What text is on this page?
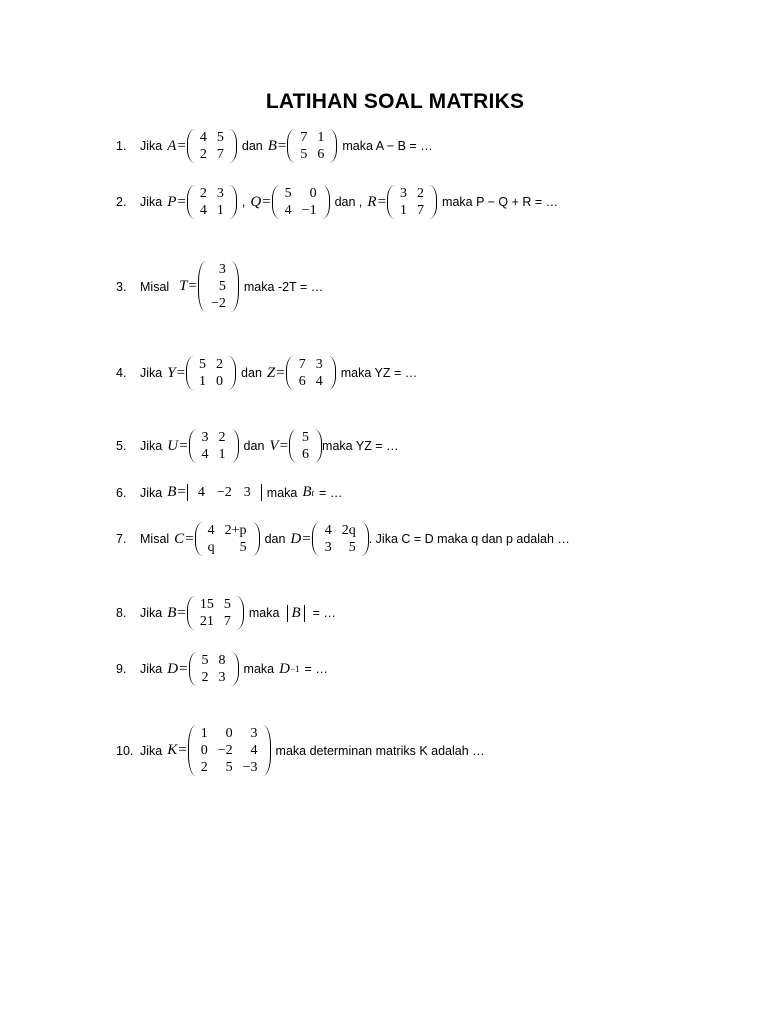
LATIHAN SOAL MATRIKS
1.	Jika A = 4	5
2	7
dan B = 7	1
5	6
maka A − B = …
2.	Jika P = 2	3
4	1
, Q = 5	0
4	−1
dan , R = 3	2
1	7
maka P − Q + R = …
3.	Misal T =
3
5
−2
maka -2T = …
4.	Jika Y = 5	2
1	0
dan Z = 7	3
6	4
maka YZ = …
5.	Jika U = 3	2
4	1
dan V = 5
6
maka YZ = …
6.	Jika B = 4	−2	3 maka B t = …
7.	Misal C = 4	2+p
q	5
dan D = 4	2q
3	5
. Jika C = D maka q dan p adalah …
8.	Jika B = 15	5
21	7
maka B = …
9.	Jika D = 5	8
2	3
maka D −1 = …
10. Jika K =
1	0	3
0	−2	4
2	5	−3
maka determinan matriks K adalah …
